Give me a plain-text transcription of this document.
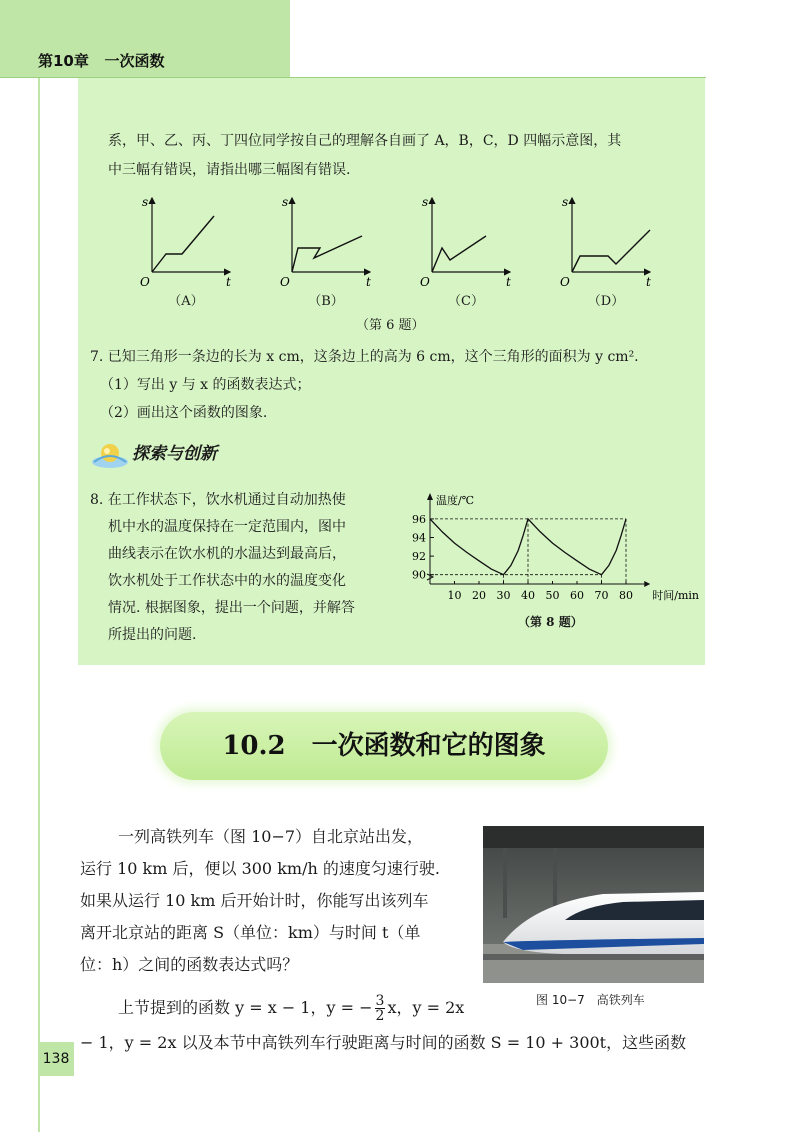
第10章 一次函数
系，甲、乙、丙、丁四位同学按自己的理解各自画了 A，B，C，D 四幅示意图，其
中三幅有错误，请指出哪三幅图有错误.
s
t
O
s
t
O
s
t
O
s
t
O
（A）	（B）	（C）	（D）
（第 6 题）
7. 已知三角形一条边的长为 x cm，这条边上的高为 6 cm，这个三角形的面积为 y cm².
（1）写出 y 与 x 的函数表达式；
（2）画出这个函数的图象.
探索与创新
8. 在工作状态下，饮水机通过自动加热使
机中水的温度保持在一定范围内，图中
曲线表示在饮水机的水温达到最高后，
饮水机处于工作状态中的水的温度变化
情况. 根据图象，提出一个问题，并解答
所提出的问题.
温度/℃
时间/min
90
92
94
96
10 20 30 40 50 60 70 80
（第 8 题）
10.2　一次函数和它的图象
一列高铁列车（图 10−7）自北京站出发，
运行 10 km 后，便以 300 km/h 的速度匀速行驶.
如果从运行 10 km 后开始计时，你能写出该列车
离开北京站的距离 S（单位：km）与时间 t（单
位：h）之间的函数表达式吗？
上节提到的函数 y = x − 1，y = − $\frac{3}{2}$ x，y = 2x
− 1，y = 2x 以及本节中高铁列车行驶距离与时间的函数 S = 10 + 300t，这些函数
图 10−7　高铁列车
138
